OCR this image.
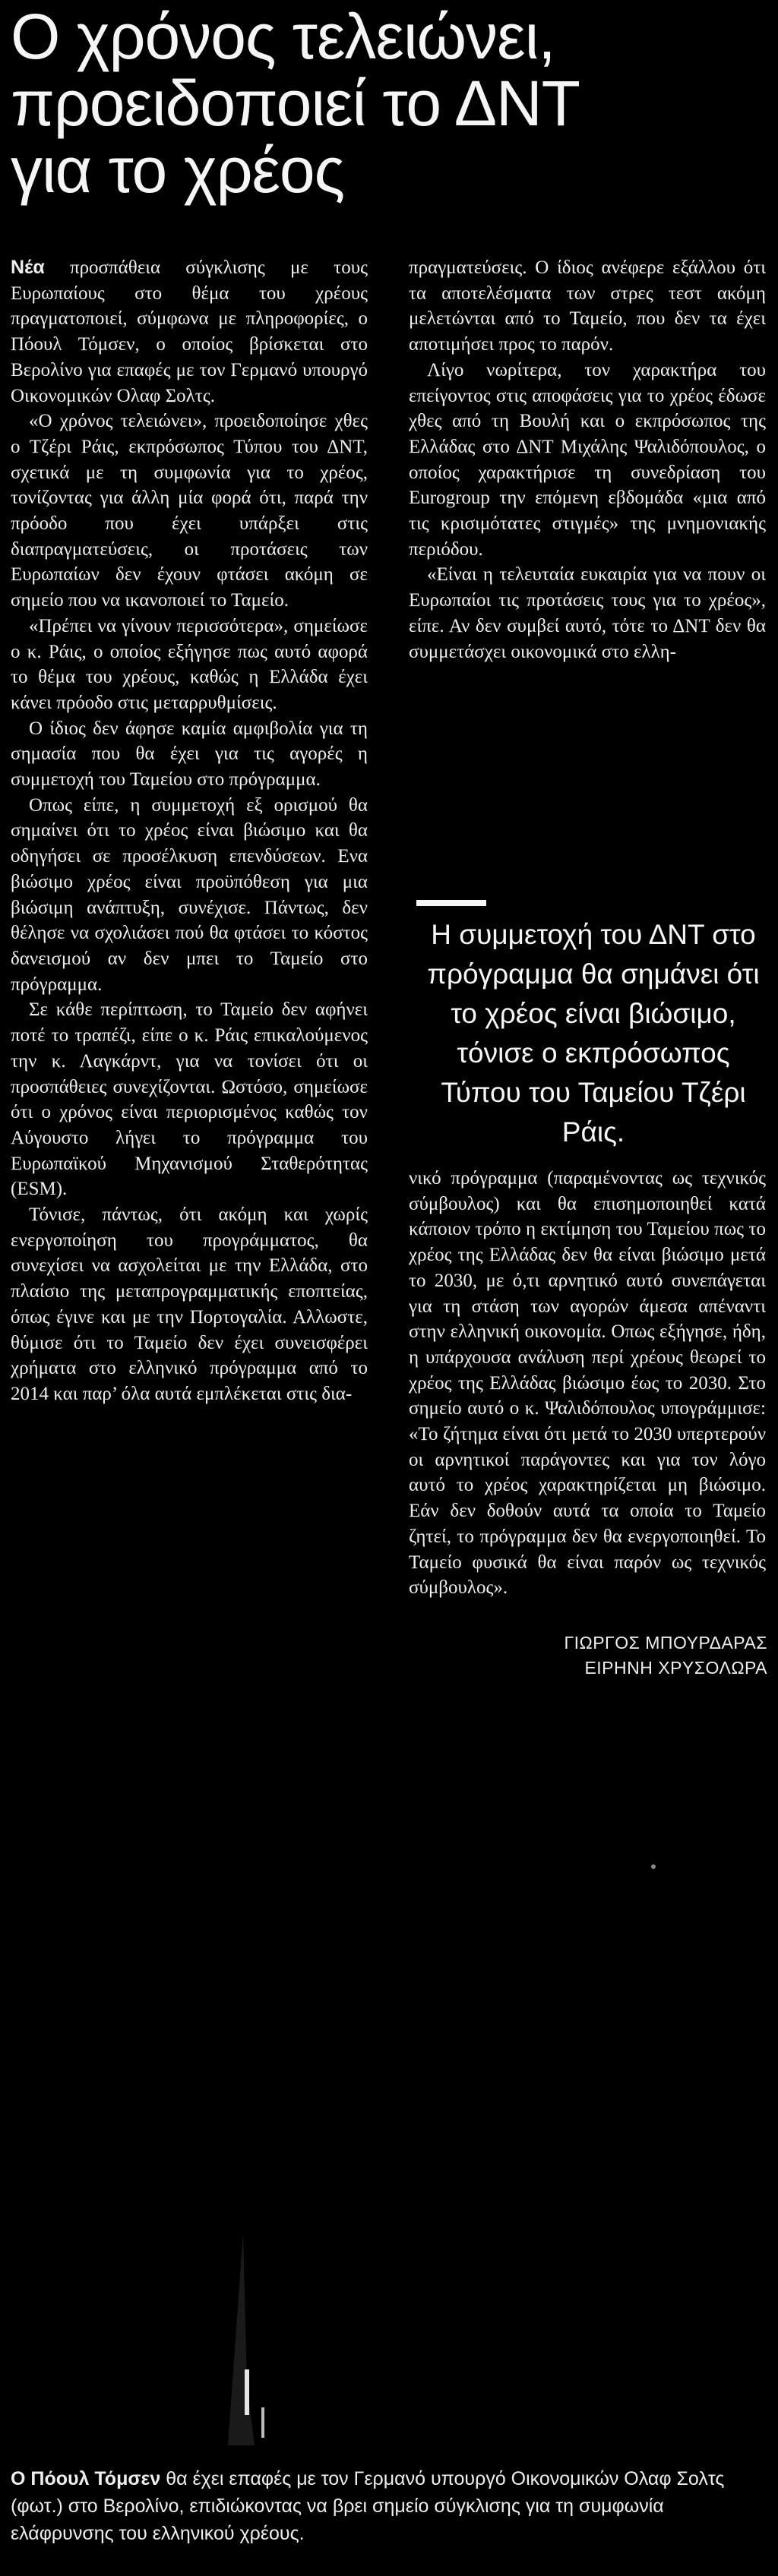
Ο χρόνος τελειώνει,
προειδοποιεί το ΔΝΤ
για το χρέος

Νέα προσπάθεια σύγκλισης με τους Ευρωπαίους στο θέμα του χρέους πραγματοποιεί, σύμφωνα με πληροφορίες, ο Πόουλ Τόμσεν, ο οποίος βρίσκεται στο Βερολίνο για επαφές με τον Γερμανό υπουργό Οικονομικών Ολαφ Σολτς.

«Ο χρόνος τελειώνει», προειδοποίησε χθες ο Τζέρι Ράις, εκπρόσωπος Τύπου του ΔΝΤ, σχετικά με τη συμφωνία για το χρέος, τονίζοντας για άλλη μία φορά ότι, παρά την πρόοδο που έχει υπάρξει στις διαπραγματεύσεις, οι προτάσεις των Ευρωπαίων δεν έχουν φτάσει ακόμη σε σημείο που να ικανοποιεί το Ταμείο.

«Πρέπει να γίνουν περισσότερα», σημείωσε ο κ. Ράις, ο οποίος εξήγησε πως αυτό αφορά το θέμα του χρέους, καθώς η Ελλάδα έχει κάνει πρόοδο στις μεταρρυθμίσεις.

Ο ίδιος δεν άφησε καμία αμφιβολία για τη σημασία που θα έχει για τις αγορές η συμμετοχή του Ταμείου στο πρόγραμμα.

Οπως είπε, η συμμετοχή εξ ορισμού θα σημαίνει ότι το χρέος είναι βιώσιμο και θα οδηγήσει σε προσέλκυση επενδύσεων. Ενα βιώσιμο χρέος είναι προϋπόθεση για μια βιώσιμη ανάπτυξη, συνέχισε. Πάντως, δεν θέλησε να σχολιάσει πού θα φτάσει το κόστος δανεισμού αν δεν μπει το Ταμείο στο πρόγραμμα.

Σε κάθε περίπτωση, το Ταμείο δεν αφήνει ποτέ το τραπέζι, είπε ο κ. Ράις επικαλούμενος την κ. Λαγκάρντ, για να τονίσει ότι οι προσπάθειες συνεχίζονται. Ωστόσο, σημείωσε ότι ο χρόνος είναι περιορισμένος καθώς τον Αύγουστο λήγει το πρόγραμμα του Ευρωπαϊκού Μηχανισμού Σταθερότητας (ESM).

Τόνισε, πάντως, ότι ακόμη και χωρίς ενεργοποίηση του προγράμματος, θα συνεχίσει να ασχολείται με την Ελλάδα, στο πλαίσιο της μεταπρογραμματικής εποπτείας, όπως έγινε και με την Πορτογαλία. Αλλωστε, θύμισε ότι το Ταμείο δεν έχει συνεισφέρει χρήματα στο ελληνικό πρόγραμμα από το 2014 και παρ’ όλα αυτά εμπλέκεται στις δια-

πραγματεύσεις. Ο ίδιος ανέφερε εξάλλου ότι τα αποτελέσματα των στρες τεστ ακόμη μελετώνται από το Ταμείο, που δεν τα έχει αποτιμήσει προς το παρόν.

Λίγο νωρίτερα, τον χαρακτήρα του επείγοντος στις αποφάσεις για το χρέος έδωσε χθες από τη Βουλή και ο εκπρόσωπος της Ελλάδας στο ΔΝΤ Μιχάλης Ψαλιδόπουλος, ο οποίος χαρακτήρισε τη συνεδρίαση του Eurogroup την επόμενη εβδομάδα «μια από τις κρισιμότατες στιγμές» της μνημονιακής περιόδου.

«Είναι η τελευταία ευκαιρία για να πουν οι Ευρωπαίοι τις προτάσεις τους για το χρέος», είπε. Αν δεν συμβεί αυτό, τότε το ΔΝΤ δεν θα συμμετάσχει οικονομικά στο ελλη-

Η συμμετοχή του ΔΝΤ στο πρόγραμμα θα σημάνει ότι το χρέος είναι βιώσιμο, τόνισε ο εκπρόσωπος Τύπου του Ταμείου Τζέρι Ράις.

νικό πρόγραμμα (παραμένοντας ως τεχνικός σύμβουλος) και θα επισημοποιηθεί κατά κάποιον τρόπο η εκτίμηση του Ταμείου πως το χρέος της Ελλάδας δεν θα είναι βιώσιμο μετά το 2030, με ό,τι αρνητικό αυτό συνεπάγεται για τη στάση των αγορών άμεσα απέναντι στην ελληνική οικονομία. Οπως εξήγησε, ήδη, η υπάρχουσα ανάλυση περί χρέους θεωρεί το χρέος της Ελλάδας βιώσιμο έως το 2030. Στο σημείο αυτό ο κ. Ψαλιδόπουλος υπογράμμισε: «Το ζήτημα είναι ότι μετά το 2030 υπερτερούν οι αρνητικοί παράγοντες και για τον λόγο αυτό το χρέος χαρακτηρίζεται μη βιώσιμο. Εάν δεν δοθούν αυτά τα οποία το Ταμείο ζητεί, το πρόγραμμα δεν θα ενεργοποιηθεί. Το Ταμείο φυσικά θα είναι παρόν ως τεχνικός σύμβουλος».

ΓΙΩΡΓΟΣ ΜΠΟΥΡΔΑΡΑΣ
ΕΙΡΗΝΗ ΧΡΥΣΟΛΩΡΑ
Ο Πόουλ Τόμσεν θα έχει επαφές με τον Γερμανό υπουργό Οικονομικών Ολαφ Σολτς (φωτ.) στο Βερολίνο, επιδιώκοντας να βρει σημείο σύγκλισης για τη συμφωνία ελάφρυνσης του ελληνικού χρέους.
